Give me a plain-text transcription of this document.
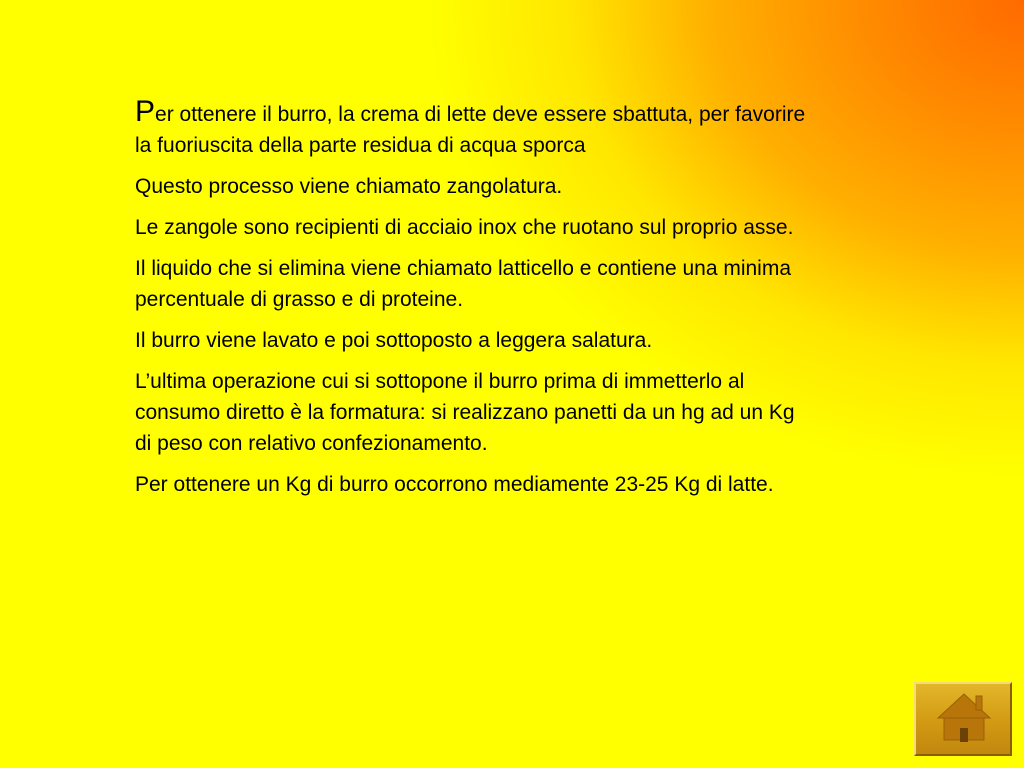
Per ottenere il burro, la crema di lette deve essere sbattuta, per favorire la fuoriuscita della parte residua di acqua sporca

Questo processo viene chiamato zangolatura.

Le zangole sono recipienti di acciaio inox che ruotano sul proprio asse.

Il liquido che si elimina viene chiamato latticello e contiene una minima percentuale di grasso e di proteine.

Il burro viene lavato e poi sottoposto a leggera salatura.

L’ultima operazione cui si sottopone il burro prima di immetterlo al consumo diretto è la formatura: si realizzano panetti da un hg ad un Kg di peso con relativo confezionamento.

Per ottenere un Kg di burro occorrono mediamente 23-25 Kg di latte.
